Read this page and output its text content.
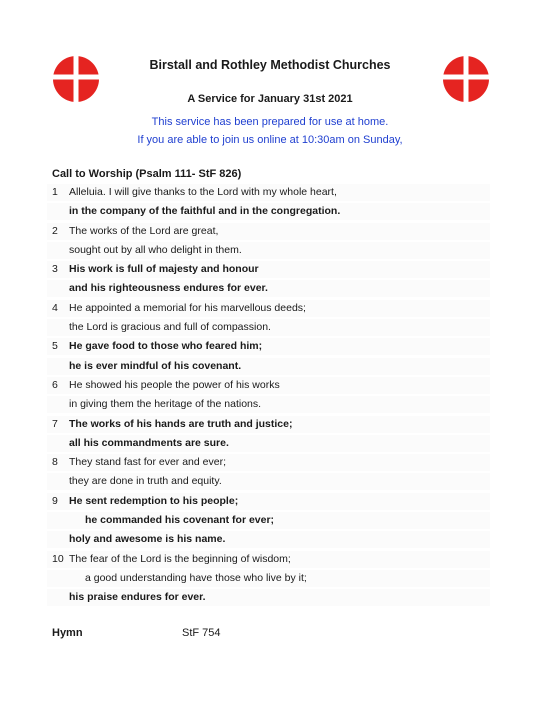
Birstall and Rothley Methodist Churches
A Service for January 31st 2021
This service has been prepared for use at home.
If you are able to join us online at 10:30am on Sunday,
Call to Worship (Psalm 111- StF 826)
1 Alleluia. I will give thanks to the Lord with my whole heart,
in the company of the faithful and in the congregation.
2 The works of the Lord are great,
sought out by all who delight in them.
3 His work is full of majesty and honour
and his righteousness endures for ever.
4 He appointed a memorial for his marvellous deeds;
the Lord is gracious and full of compassion.
5 He gave food to those who feared him;
he is ever mindful of his covenant.
6 He showed his people the power of his works
in giving them the heritage of the nations.
7 The works of his hands are truth and justice;
all his commandments are sure.
8 They stand fast for ever and ever;
they are done in truth and equity.
9 He sent redemption to his people;
he commanded his covenant for ever;
holy and awesome is his name.
10 The fear of the Lord is the beginning of wisdom;
a good understanding have those who live by it;
his praise endures for ever.
Hymn	StF 754
